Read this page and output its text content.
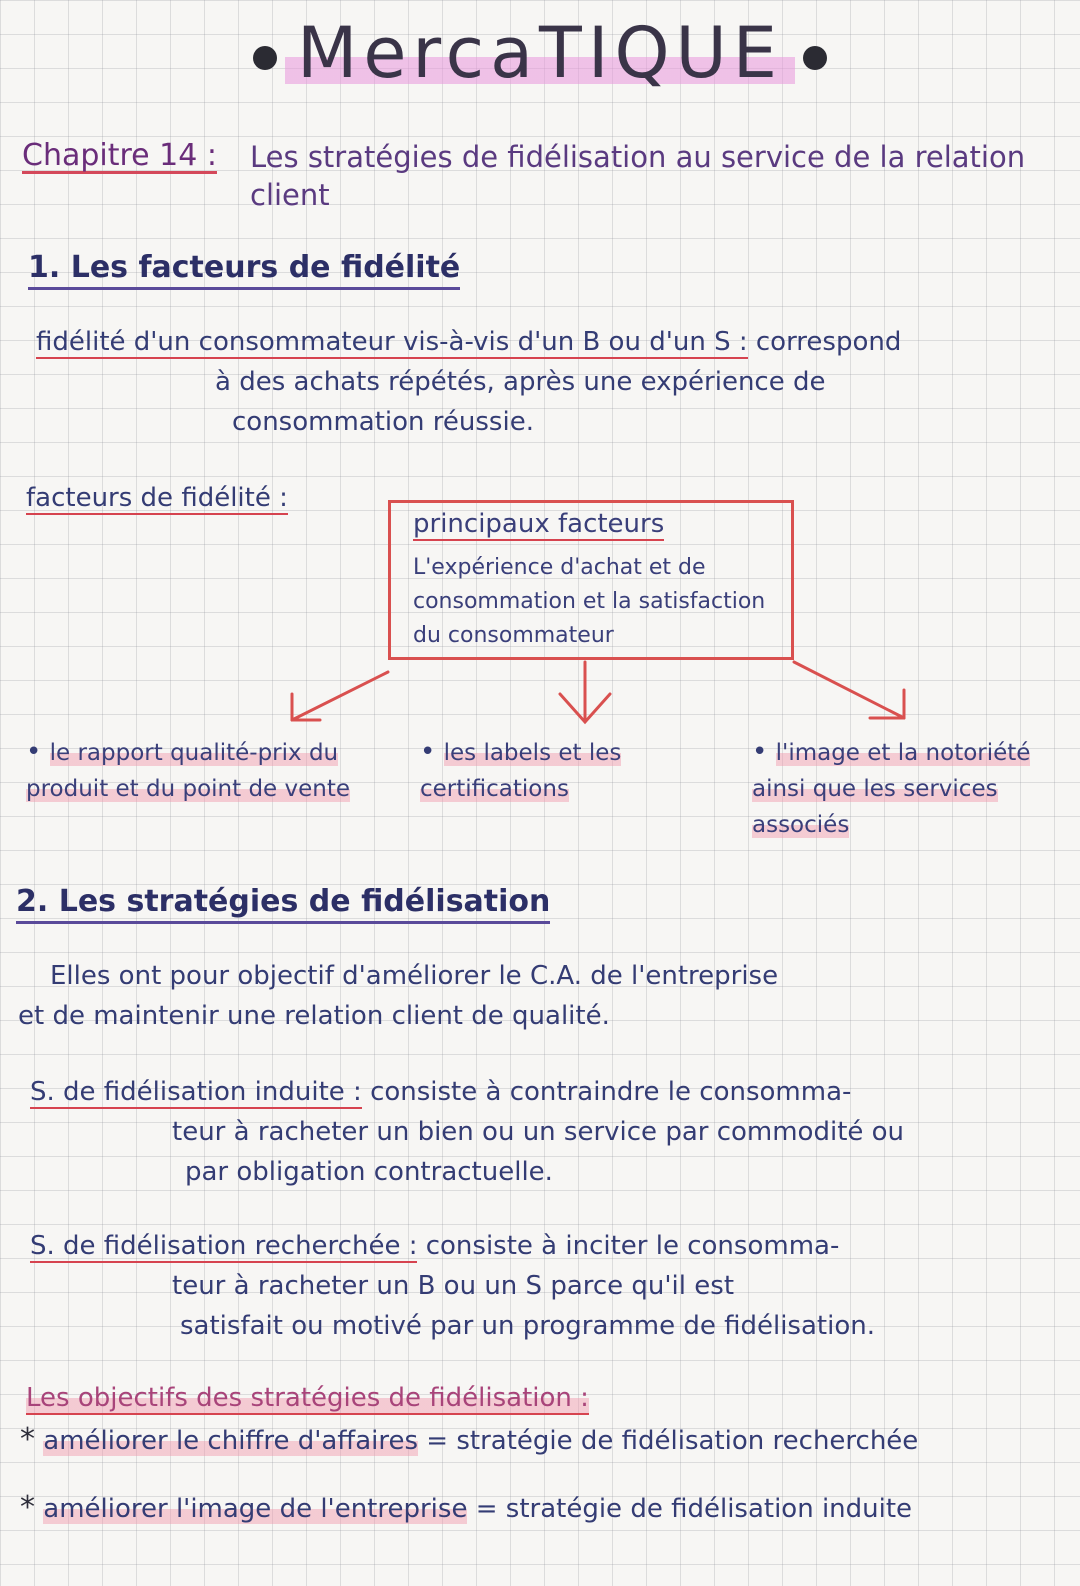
MercaTIQUE
Chapitre 14 : Les stratégies de fidélisation au service de la relation client
1. Les facteurs de fidélité
fidélité d'un consommateur vis-à-vis d'un B ou d'un S : correspond
à des achats répétés, après une expérience de
consommation réussie.
facteurs de fidélité :
principaux facteurs
L'expérience d'achat et de consommation et la satisfaction du consommateur
• le rapport qualité-prix du produit et du point de vente
• les labels et les certifications
• l'image et la notoriété ainsi que les services associés
2. Les stratégies de fidélisation
Elles ont pour objectif d'améliorer le C.A. de l'entreprise
et de maintenir une relation client de qualité.
S. de fidélisation induite : consiste à contraindre le consomma-
teur à racheter un bien ou un service par commodité ou
par obligation contractuelle.
S. de fidélisation recherchée : consiste à inciter le consomma-
teur à racheter un B ou un S parce qu'il est
satisfait ou motivé par un programme de fidélisation.
Les objectifs des stratégies de fidélisation :
* améliorer le chiffre d'affaires = stratégie de fidélisation recherchée
* améliorer l'image de l'entreprise = stratégie de fidélisation induite
